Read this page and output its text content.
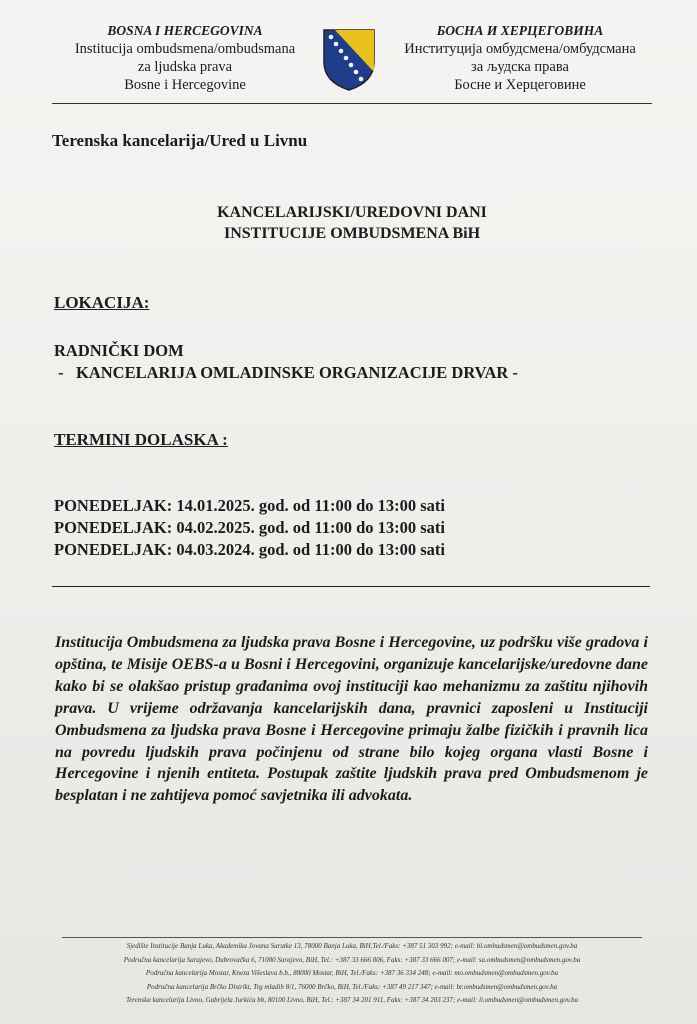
BOSNA I HERCEGOVINA
Institucija ombudsmena/ombudsmana
za ljudska prava
Bosne i Hercegovine
БОСНА И ХЕРЦЕГОВИНА
Институција омбудсмена/омбудсмана
за људска права
Босне и Херцеговине
Terenska kancelarija/Ured u Livnu
KANCELARIJSKI/UREDOVNI DANI
INSTITUCIJE OMBUDSMENA BiH
LOKACIJA:
RADNIČKI DOM
-   KANCELARIJA OMLADINSKE ORGANIZACIJE DRVAR -
TERMINI DOLASKA :
PONEDELJAK: 14.01.2025. god. od 11:00 do 13:00 sati
PONEDELJAK: 04.02.2025. god. od 11:00 do 13:00 sati
PONEDELJAK: 04.03.2024. god. od 11:00 do 13:00 sati
Institucija Ombudsmena za ljudska prava Bosne i Hercegovine, uz podršku više gradova i opština, te Misije OEBS-a u Bosni i Hercegovini, organizuje kancelarijske/uredovne dane kako bi se olakšao pristup građanima ovoj instituciji kao mehanizmu za zaštitu njihovih prava. U vrijeme održavanja kancelarijskih dana, pravnici zaposleni u Instituciji Ombudsmena za ljudska prava Bosne i Hercegovine primaju žalbe fizičkih i pravnih lica na povredu ljudskih prava počinjenu od strane bilo kojeg organa vlasti Bosne i Hercegovine i njenih entiteta. Postupak zaštite ljudskih prava pred Ombudsmenom je besplatan i ne zahtijeva pomoć savjetnika ili advokata.
Sjedište Institucije Banja Luka, Akademika Jovana Surutke 13, 78000 Banja Luka, BiH,Tel./Faks: +387 51 303 992; e-mail: bl.ombudsmen@ombudsmen.gov.ba
Područna kancelarija Sarajevo, Dubrovačka 6, 71000 Sarajevo, BiH, Tel.: +387 33 666 006, Faks: +387 33 666 007; e-mail: sa.ombudsmen@ombudsmen.gov.ba
Područna kancelarija Mostar, Kneza Višeslava b.b., 88000 Mostar, BiH, Tel./Faks: +387 36 334 248; e-mail: mo.ombudsmen@ombudsmen.gov.ba
Područna kancelarija Brčko Distrikt, Trg mladih 8/1, 76000 Brčko, BiH, Tel./Faks: +387 49 217 347; e-mail: br.ombudsmen@ombudsmen.gov.ba
Terenska kancelarija Livno, Gabrijela Jurkića bb, 80100 Livno, BiH, Tel.: +387 34 201 911, Faks: +387 34 203 237; e-mail: li.ombudsmen@ombudsmen.gov.ba
